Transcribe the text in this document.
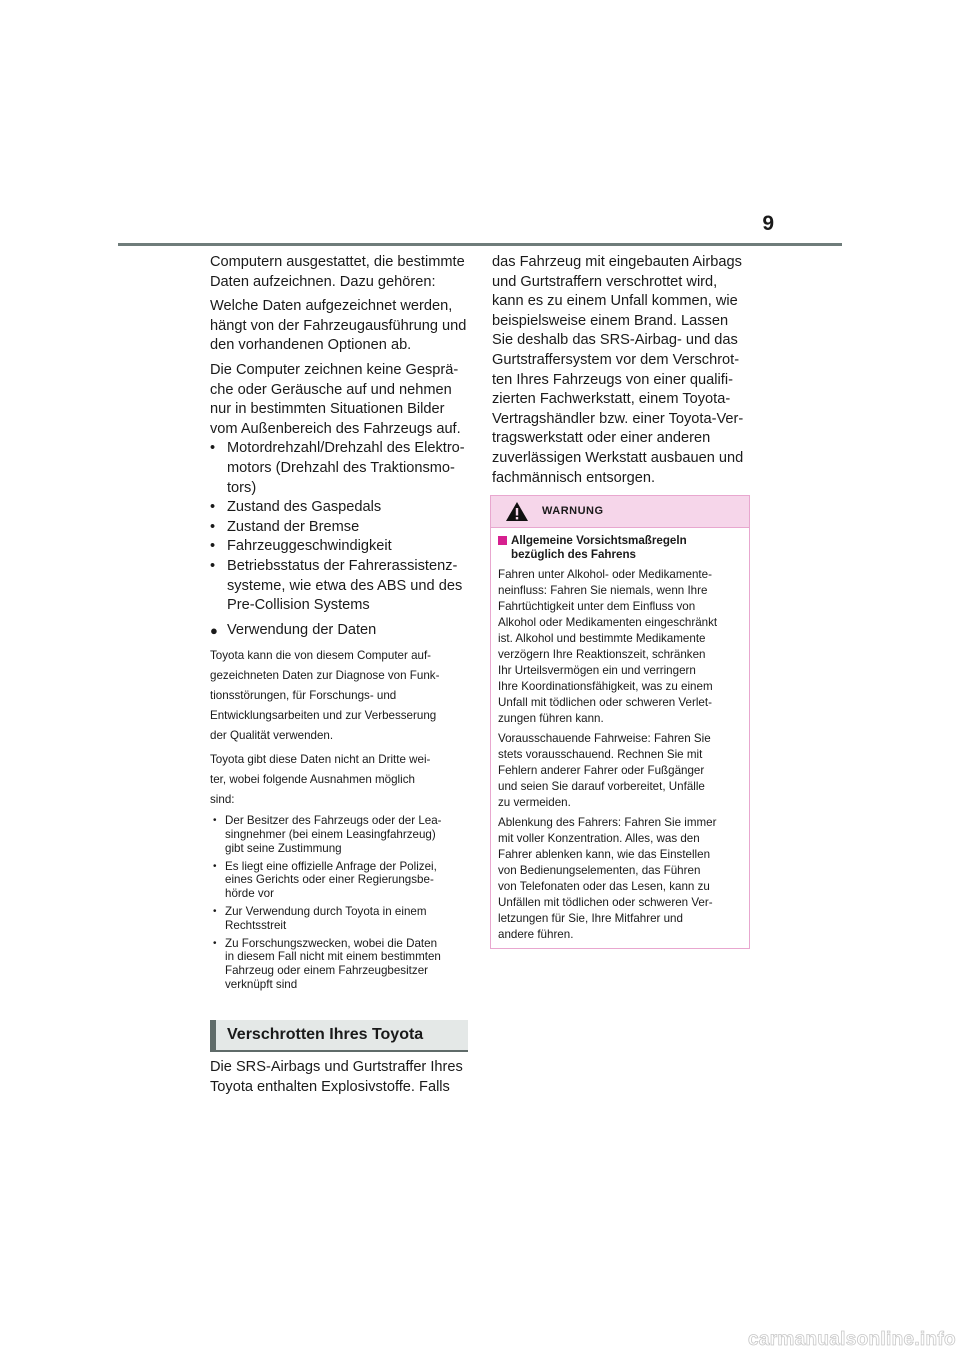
9

Computern ausgestattet, die bestimmte
Daten aufzeichnen. Dazu gehören:

Welche Daten aufgezeichnet werden,
hängt von der Fahrzeugausführung und
den vorhandenen Optionen ab.

Die Computer zeichnen keine Gesprä-
che oder Geräusche auf und nehmen
nur in bestimmten Situationen Bilder
vom Außenbereich des Fahrzeugs auf.

• Motordrehzahl/Drehzahl des Elektro-
motors (Drehzahl des Traktionsmo-
tors)

• Zustand des Gaspedals

• Zustand der Bremse

• Fahrzeuggeschwindigkeit

• Betriebsstatus der Fahrerassistenz-
systeme, wie etwa des ABS und des
Pre-Collision Systems

● Verwendung der Daten

Toyota kann die von diesem Computer auf-
gezeichneten Daten zur Diagnose von Funk-
tionsstörungen, für Forschungs- und
Entwicklungsarbeiten und zur Verbesserung
der Qualität verwenden.

Toyota gibt diese Daten nicht an Dritte wei-
ter, wobei folgende Ausnahmen möglich
sind:

• Der Besitzer des Fahrzeugs oder der Lea-
singnehmer (bei einem Leasingfahrzeug)
gibt seine Zustimmung

• Es liegt eine offizielle Anfrage der Polizei,
eines Gerichts oder einer Regierungsbe-
hörde vor

• Zur Verwendung durch Toyota in einem
Rechtsstreit

• Zu Forschungszwecken, wobei die Daten
in diesem Fall nicht mit einem bestimmten
Fahrzeug oder einem Fahrzeugbesitzer
verknüpft sind

Verschrotten Ihres Toyota

Die SRS-Airbags und Gurtstraffer Ihres
Toyota enthalten Explosivstoffe. Falls

das Fahrzeug mit eingebauten Airbags
und Gurtstraffern verschrottet wird,
kann es zu einem Unfall kommen, wie
beispielsweise einem Brand. Lassen
Sie deshalb das SRS-Airbag- und das
Gurtstraffersystem vor dem Verschrot-
ten Ihres Fahrzeugs von einer qualifi-
zierten Fachwerkstatt, einem Toyota-
Vertragshändler bzw. einer Toyota-Ver-
tragswerkstatt oder einer anderen
zuverlässigen Werkstatt ausbauen und
fachmännisch entsorgen.

WARNUNG

Allgemeine Vorsichtsmaßregeln
bezüglich des Fahrens

Fahren unter Alkohol- oder Medikamente-
neinfluss: Fahren Sie niemals, wenn Ihre
Fahrtüchtigkeit unter dem Einfluss von
Alkohol oder Medikamenten eingeschränkt
ist. Alkohol und bestimmte Medikamente
verzögern Ihre Reaktionszeit, schränken
Ihr Urteilsvermögen ein und verringern
Ihre Koordinationsfähigkeit, was zu einem
Unfall mit tödlichen oder schweren Verlet-
zungen führen kann.

Vorausschauende Fahrweise: Fahren Sie
stets vorausschauend. Rechnen Sie mit
Fehlern anderer Fahrer oder Fußgänger
und seien Sie darauf vorbereitet, Unfälle
zu vermeiden.

Ablenkung des Fahrers: Fahren Sie immer
mit voller Konzentration. Alles, was den
Fahrer ablenken kann, wie das Einstellen
von Bedienungselementen, das Führen
von Telefonaten oder das Lesen, kann zu
Unfällen mit tödlichen oder schweren Ver-
letzungen für Sie, Ihre Mitfahrer und
andere führen.

carmanualsonline.info
